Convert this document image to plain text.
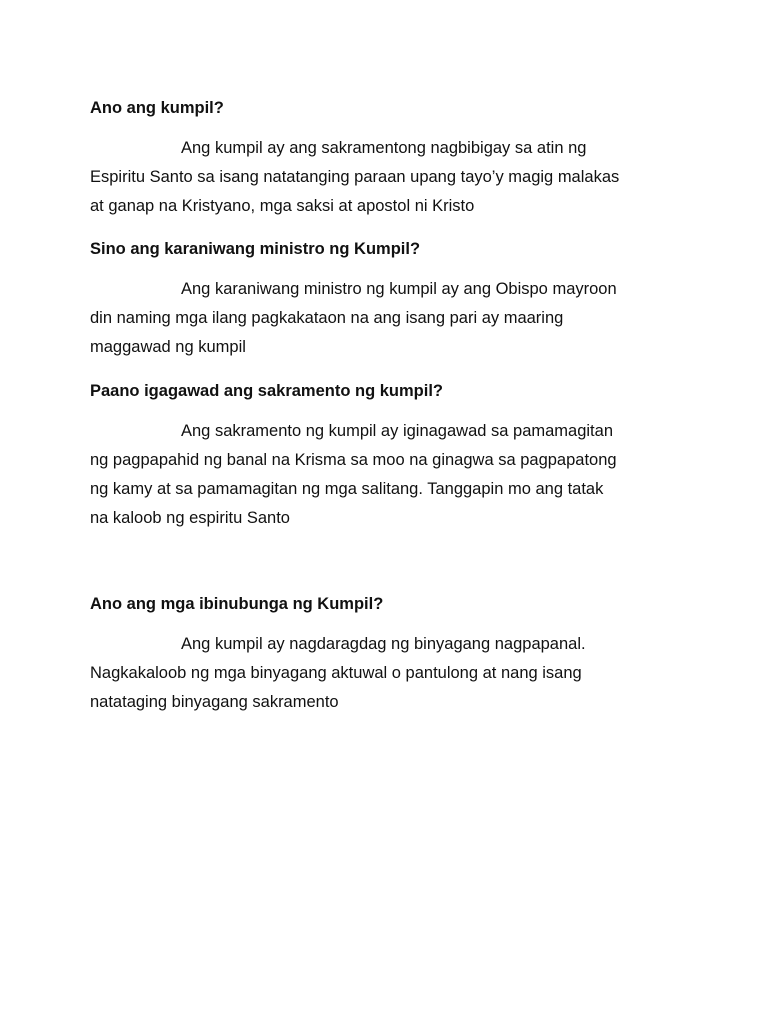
Ano ang kumpil?

Ang kumpil ay ang sakramentong nagbibigay sa atin ng
Espiritu Santo sa isang natatanging paraan upang tayo’y magig malakas
at ganap na Kristyano, mga saksi at apostol ni Kristo

Sino ang karaniwang ministro ng Kumpil?

Ang karaniwang ministro ng kumpil ay ang Obispo mayroon
din naming mga ilang pagkakataon na ang isang pari ay maaring
maggawad ng kumpil

Paano igagawad ang sakramento ng kumpil?

Ang sakramento ng kumpil ay iginagawad sa pamamagitan
ng pagpapahid ng banal na Krisma sa moo na ginagwa sa pagpapatong
ng kamy at sa pamamagitan ng mga salitang. Tanggapin mo ang tatak
na kaloob ng espiritu Santo

Ano ang mga ibinubunga ng Kumpil?

Ang kumpil ay nagdaragdag ng binyagang nagpapanal.
Nagkakaloob ng mga binyagang aktuwal o pantulong at nang isang
natataging binyagang sakramento
